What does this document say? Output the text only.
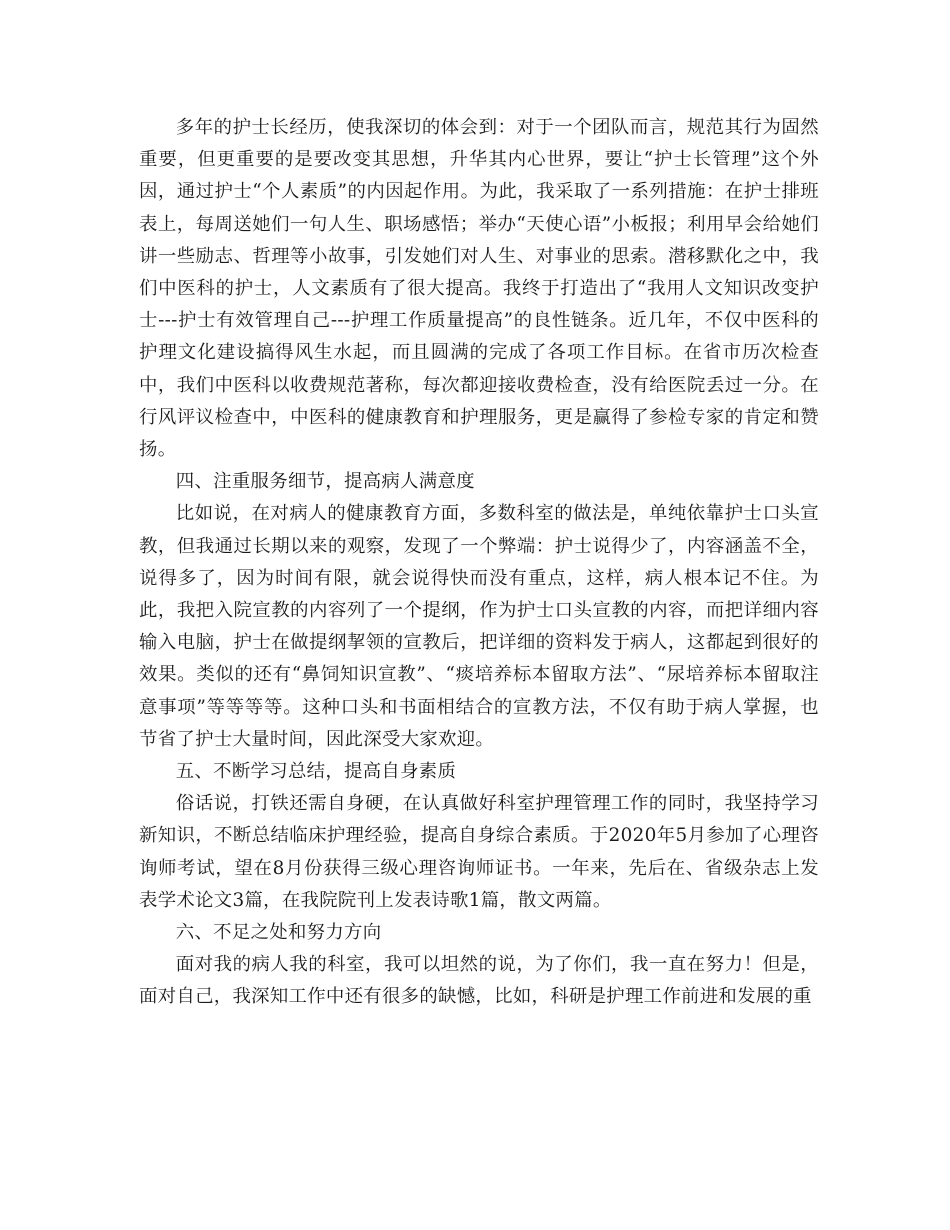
多年的护士长经历，使我深切的体会到：对于一个团队而言，规范其行为固然重要，但更重要的是要改变其思想，升华其内心世界，要让“护士长管理”这个外因，通过护士“个人素质”的内因起作用。为此，我采取了一系列措施：在护士排班表上，每周送她们一句人生、职场感悟；举办“天使心语”小板报；利用早会给她们讲一些励志、哲理等小故事，引发她们对人生、对事业的思索。潜移默化之中，我们中医科的护士，人文素质有了很大提高。我终于打造出了“我用人文知识改变护士---护士有效管理自己---护理工作质量提高”的良性链条。近几年，不仅中医科的护理文化建设搞得风生水起，而且圆满的完成了各项工作目标。在省市历次检查中，我们中医科以收费规范著称，每次都迎接收费检查，没有给医院丢过一分。在行风评议检查中，中医科的健康教育和护理服务，更是赢得了参检专家的肯定和赞扬。

四、注重服务细节，提高病人满意度

比如说，在对病人的健康教育方面，多数科室的做法是，单纯依靠护士口头宣教，但我通过长期以来的观察，发现了一个弊端：护士说得少了，内容涵盖不全，说得多了，因为时间有限，就会说得快而没有重点，这样，病人根本记不住。为此，我把入院宣教的内容列了一个提纲，作为护士口头宣教的内容，而把详细内容输入电脑，护士在做提纲挈领的宣教后，把详细的资料发于病人，这都起到很好的效果。类似的还有“鼻饲知识宣教”、“痰培养标本留取方法”、“尿培养标本留取注意事项”等等等等。这种口头和书面相结合的宣教方法，不仅有助于病人掌握，也节省了护士大量时间，因此深受大家欢迎。

五、不断学习总结，提高自身素质

俗话说，打铁还需自身硬，在认真做好科室护理管理工作的同时，我坚持学习新知识，不断总结临床护理经验，提高自身综合素质。于2020年5月参加了心理咨询师考试，望在8月份获得三级心理咨询师证书。一年来，先后在、省级杂志上发表学术论文3篇，在我院院刊上发表诗歌1篇，散文两篇。

六、不足之处和努力方向

面对我的病人我的科室，我可以坦然的说，为了你们，我一直在努力！但是，面对自己，我深知工作中还有很多的缺憾，比如，科研是护理工作前进和发展的重
